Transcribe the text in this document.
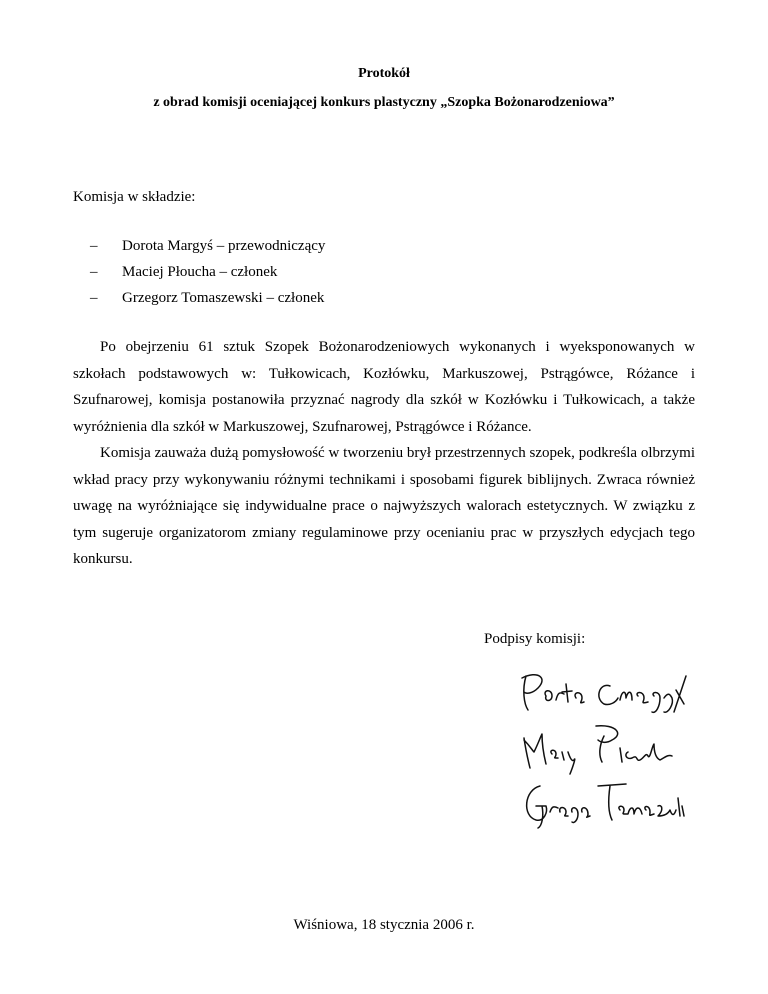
Protokół
z obrad komisji oceniającej konkurs plastyczny „Szopka Bożonarodzeniowa”
Komisja w składzie:
– Dorota Margyś – przewodniczący
– Maciej Płoucha – członek
– Grzegorz Tomaszewski – członek

Po obejrzeniu 61 sztuk Szopek Bożonarodzeniowych wykonanych i wyeksponowanych w szkołach podstawowych w: Tułkowicach, Kozłówku, Markuszowej, Pstrągówce, Różance i Szufnarowej, komisja postanowiła przyznać nagrody dla szkół w Kozłówku i Tułkowicach, a także wyróżnienia dla szkół w Markuszowej, Szufnarowej, Pstrągówce i Różance.

Komisja zauważa dużą pomysłowość w tworzeniu brył przestrzennych szopek, podkreśla olbrzymi wkład pracy przy wykonywaniu różnymi technikami i sposobami figurek biblijnych. Zwraca również uwagę na wyróżniające się indywidualne prace o najwyższych walorach estetycznych. W związku z tym sugeruje organizatorom zmiany regulaminowe przy ocenianiu prac w przyszłych edycjach tego konkursu.

Podpisy komisji:
Wiśniowa, 18 stycznia 2006 r.
